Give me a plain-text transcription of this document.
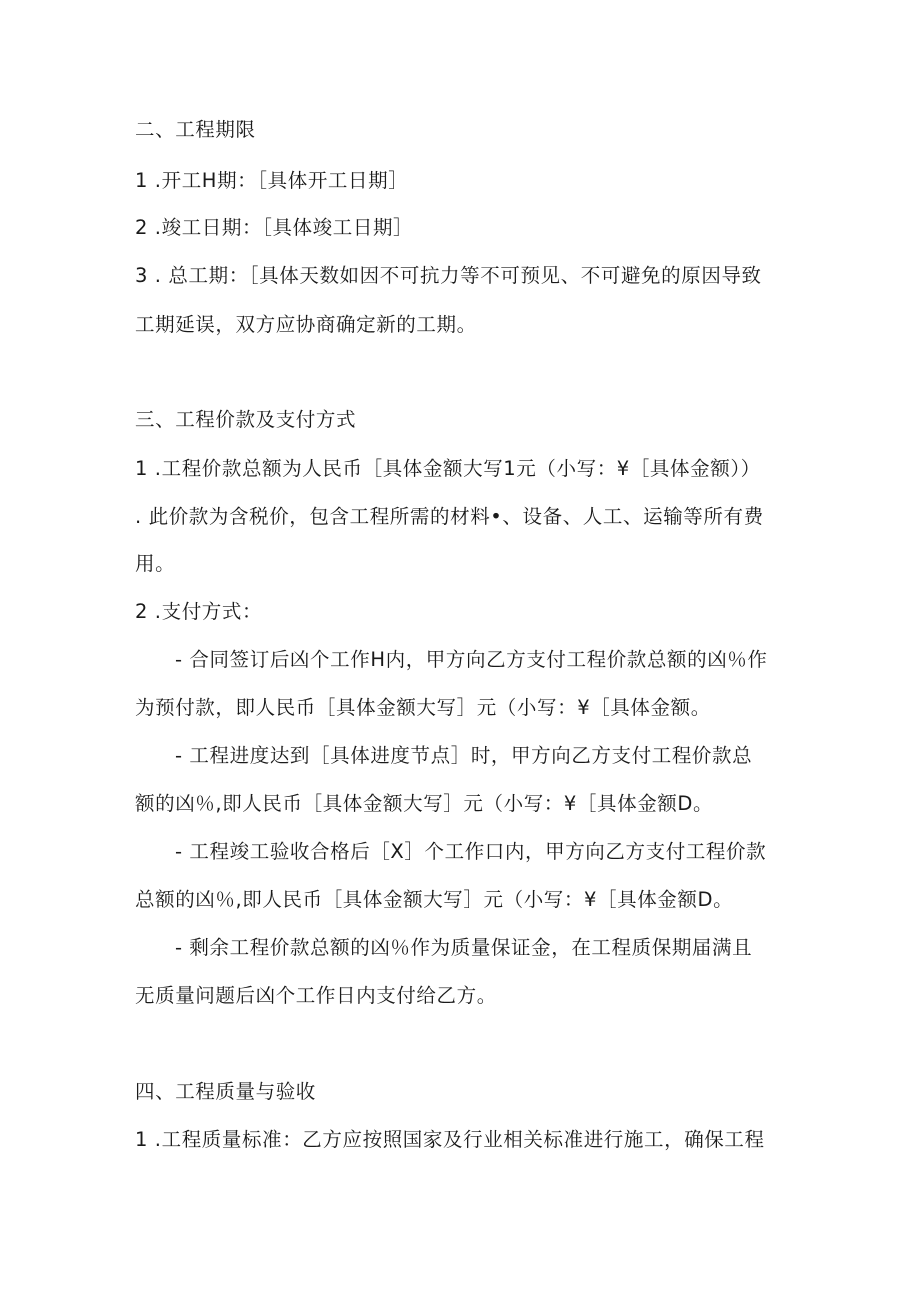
二、工程期限
1 .开工H期：［具体开工日期］
2 .竣工日期：［具体竣工日期］
3 . 总工期：［具体天数如因不可抗力等不可预见、不可避免的原因导致
工期延误，双方应协商确定新的工期。
三、工程价款及支付方式
1 .工程价款总额为人民币［具体金额大写1元（小写：¥［具体金额））
. 此价款为含税价，包含工程所需的材料•、设备、人工、运输等所有费
用。
2 .支付方式：
- 合同签订后凶个工作H内，甲方向乙方支付工程价款总额的凶％作
为预付款，即人民币［具体金额大写］元（小写：¥［具体金额。
- 工程进度达到［具体进度节点］时，甲方向乙方支付工程价款总
额的凶％,即人民币［具体金额大写］元（小写：¥［具体金额D。
- 工程竣工验收合格后［X］个工作口内，甲方向乙方支付工程价款
总额的凶％,即人民币［具体金额大写］元（小写：¥［具体金额D。
- 剩余工程价款总额的凶％作为质量保证金，在工程质保期届满且
无质量问题后凶个工作日内支付给乙方。
四、工程质量与验收
1 .工程质量标准：乙方应按照国家及行业相关标准进行施工，确保工程
